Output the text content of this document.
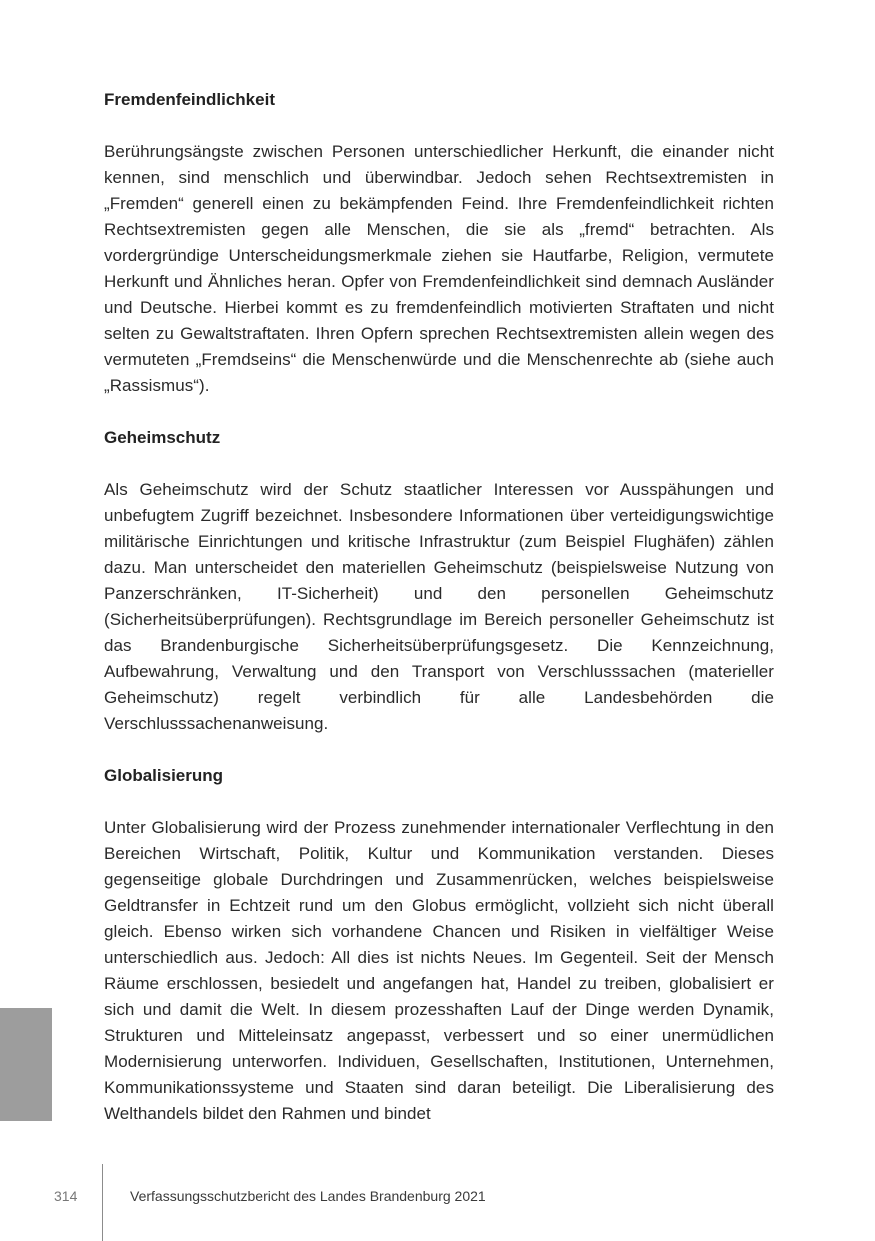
Fremdenfeindlichkeit

Berührungsängste zwischen Personen unterschiedlicher Herkunft, die einander nicht kennen, sind menschlich und überwindbar. Jedoch sehen Rechtsextremisten in „Fremden“ generell einen zu bekämpfenden Feind. Ihre Fremdenfeindlichkeit richten Rechtsextremisten gegen alle Menschen, die sie als „fremd“ betrachten. Als vordergründige Unterscheidungsmerkmale ziehen sie Hautfarbe, Religion, vermutete Herkunft und Ähnliches heran. Opfer von Fremdenfeindlichkeit sind demnach Ausländer und Deutsche. Hierbei kommt es zu fremdenfeindlich motivierten Straftaten und nicht selten zu Gewaltstraftaten. Ihren Opfern sprechen Rechtsextremisten allein wegen des vermuteten „Fremdseins“ die Menschenwürde und die Menschenrechte ab (siehe auch „Rassismus“).

Geheimschutz

Als Geheimschutz wird der Schutz staatlicher Interessen vor Ausspähungen und unbefugtem Zugriff bezeichnet. Insbesondere Informationen über verteidigungswichtige militärische Einrichtungen und kritische Infrastruktur (zum Beispiel Flughäfen) zählen dazu. Man unterscheidet den materiellen Geheimschutz (beispielsweise Nutzung von Panzerschränken, IT-Sicherheit) und den personellen Geheimschutz (Sicherheitsüberprüfungen). Rechtsgrundlage im Bereich personeller Geheimschutz ist das Brandenburgische Sicherheitsüberprüfungsgesetz. Die Kennzeichnung, Aufbewahrung, Verwaltung und den Transport von Verschlusssachen (materieller Geheimschutz) regelt verbindlich für alle Landesbehörden die Verschlusssachenanweisung.

Globalisierung

Unter Globalisierung wird der Prozess zunehmender internationaler Verflechtung in den Bereichen Wirtschaft, Politik, Kultur und Kommunikation verstanden. Dieses gegenseitige globale Durchdringen und Zusammenrücken, welches beispielsweise Geldtransfer in Echtzeit rund um den Globus ermöglicht, vollzieht sich nicht überall gleich. Ebenso wirken sich vorhandene Chancen und Risiken in vielfältiger Weise unterschiedlich aus. Jedoch: All dies ist nichts Neues. Im Gegenteil. Seit der Mensch Räume erschlossen, besiedelt und angefangen hat, Handel zu treiben, globalisiert er sich und damit die Welt. In diesem prozesshaften Lauf der Dinge werden Dynamik, Strukturen und Mitteleinsatz angepasst, verbessert und so einer unermüdlichen Modernisierung unterworfen. Individuen, Gesellschaften, Institutionen, Unternehmen, Kommunikationssysteme und Staaten sind daran beteiligt. Die Liberalisierung des Welthandels bildet den Rahmen und bindet

314	Verfassungsschutzbericht des Landes Brandenburg 2021
